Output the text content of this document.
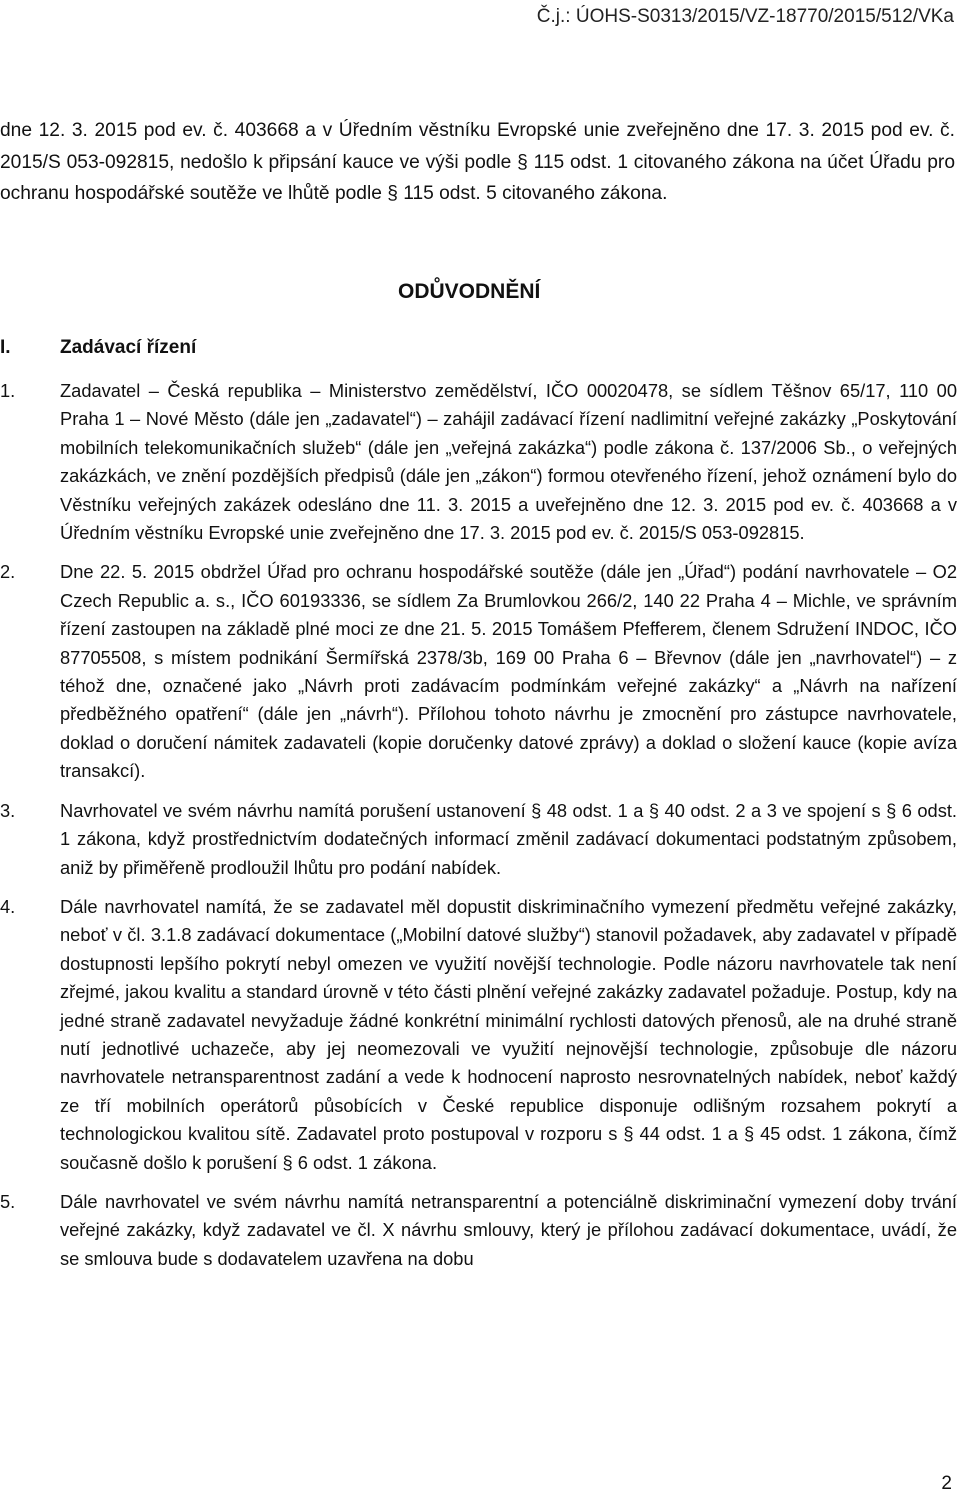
Č.j.: ÚOHS-S0313/2015/VZ-18770/2015/512/VKa

dne 12. 3. 2015 pod ev. č. 403668 a v Úředním věstníku Evropské unie zveřejněno dne 17. 3. 2015 pod ev. č. 2015/S 053-092815, nedošlo k připsání kauce ve výši podle § 115 odst. 1 citovaného zákona na účet Úřadu pro ochranu hospodářské soutěže ve lhůtě podle § 115 odst. 5 citovaného zákona.

ODŮVODNĚNÍ
I.	Zadávací řízení
1.	Zadavatel – Česká republika – Ministerstvo zemědělství, IČO 00020478, se sídlem Těšnov 65/17, 110 00 Praha 1 – Nové Město (dále jen „zadavatel“) – zahájil zadávací řízení nadlimitní veřejné zakázky „Poskytování mobilních telekomunikačních služeb“ (dále jen „veřejná zakázka“) podle zákona č. 137/2006 Sb., o veřejných zakázkách, ve znění pozdějších předpisů (dále jen „zákon“) formou otevřeného řízení, jehož oznámení bylo do Věstníku veřejných zakázek odesláno dne 11. 3. 2015 a uveřejněno dne 12. 3. 2015 pod ev. č. 403668 a v Úředním věstníku Evropské unie zveřejněno dne 17. 3. 2015 pod ev. č. 2015/S 053-092815.

2.	Dne 22. 5. 2015 obdržel Úřad pro ochranu hospodářské soutěže (dále jen „Úřad“) podání navrhovatele – O2 Czech Republic a. s., IČO 60193336, se sídlem Za Brumlovkou 266/2, 140 22 Praha 4 – Michle, ve správním řízení zastoupen na základě plné moci ze dne 21. 5. 2015 Tomášem Pfefferem, členem Sdružení INDOC, IČO 87705508, s místem podnikání Šermířská 2378/3b, 169 00 Praha 6 – Břevnov (dále jen „navrhovatel“) – z téhož dne, označené jako „Návrh proti zadávacím podmínkám veřejné zakázky“ a „Návrh na nařízení předběžného opatření“ (dále jen „návrh“). Přílohou tohoto návrhu je zmocnění pro zástupce navrhovatele, doklad o doručení námitek zadavateli (kopie doručenky datové zprávy) a doklad o složení kauce (kopie avíza transakcí).

3.	Navrhovatel ve svém návrhu namítá porušení ustanovení § 48 odst. 1 a § 40 odst. 2 a 3 ve spojení s § 6 odst. 1 zákona, když prostřednictvím dodatečných informací změnil zadávací dokumentaci podstatným způsobem, aniž by přiměřeně prodloužil lhůtu pro podání nabídek.

4.	Dále navrhovatel namítá, že se zadavatel měl dopustit diskriminačního vymezení předmětu veřejné zakázky, neboť v čl. 3.1.8 zadávací dokumentace („Mobilní datové služby“) stanovil požadavek, aby zadavatel v případě dostupnosti lepšího pokrytí nebyl omezen ve využití novější technologie. Podle názoru navrhovatele tak není zřejmé, jakou kvalitu a standard úrovně v této části plnění veřejné zakázky zadavatel požaduje. Postup, kdy na jedné straně zadavatel nevyžaduje žádné konkrétní minimální rychlosti datových přenosů, ale na druhé straně nutí jednotlivé uchazeče, aby jej neomezovali ve využití nejnovější technologie, způsobuje dle názoru navrhovatele netransparentnost zadání a vede k hodnocení naprosto nesrovnatelných nabídek, neboť každý ze tří mobilních operátorů působících v České republice disponuje odlišným rozsahem pokrytí a technologickou kvalitou sítě. Zadavatel proto postupoval v rozporu s § 44 odst. 1 a § 45 odst. 1 zákona, čímž současně došlo k porušení § 6 odst. 1 zákona.

5.	Dále navrhovatel ve svém návrhu namítá netransparentní a potenciálně diskriminační vymezení doby trvání veřejné zakázky, když zadavatel ve čl. X návrhu smlouvy, který je přílohou zadávací dokumentace, uvádí, že se smlouva bude s dodavatelem uzavřena na dobu

2
